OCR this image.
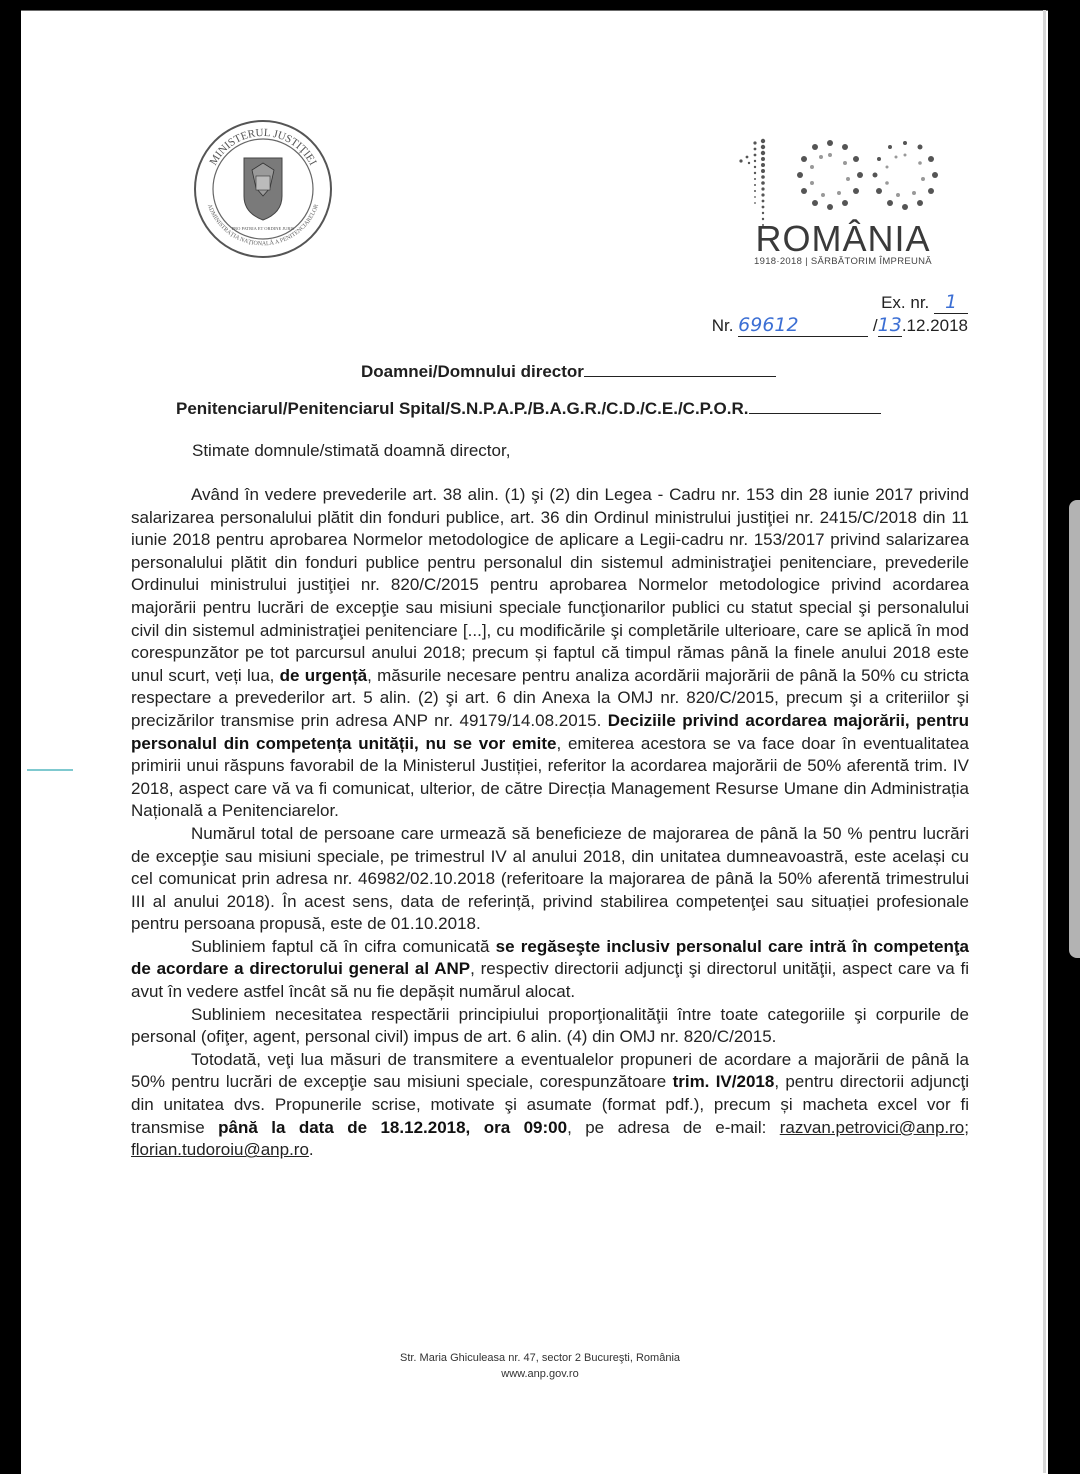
MINISTERUL JUSTIȚIEI
ADMINISTRAȚIA NAȚIONALĂ A PENITENCIARELOR
PRO PATRIA ET ORDINE JURIS	ROMÂNIA
1918·2018 | SĂRBĂTORIM ÎMPREUNĂ
Ex. nr. 1
Nr. 69612	/13.12.2018
Doamnei/Domnului director
Penitenciarul/Penitenciarul Spital/S.N.P.A.P./B.A.G.R./C.D./C.E./C.P.O.R.
Stimate domnule/stimată doamnă director,

Având în vedere prevederile art. 38 alin. (1) şi (2) din Legea - Cadru nr. 153 din 28 iunie 2017 privind salarizarea personalului plătit din fonduri publice, art. 36 din Ordinul ministrului justiţiei nr. 2415/C/2018 din 11 iunie 2018 pentru aprobarea Normelor metodologice de aplicare a Legii-cadru nr. 153/2017 privind salarizarea personalului plătit din fonduri publice pentru personalul din sistemul administraţiei penitenciare, prevederile Ordinului ministrului justiţiei nr. 820/C/2015 pentru aprobarea Normelor metodologice privind acordarea majorării pentru lucrări de excepţie sau misiuni speciale funcţionarilor publici cu statut special şi personalului civil din sistemul administraţiei penitenciare [...], cu modificările şi completările ulterioare, care se aplică în mod corespunzător pe tot parcursul anului 2018; precum și faptul că timpul rămas până la finele anului 2018 este unul scurt, veți lua, de urgență, măsurile necesare pentru analiza acordării majorării de până la 50% cu stricta respectare a prevederilor art. 5 alin. (2) şi art. 6 din Anexa la OMJ nr. 820/C/2015, precum şi a criteriilor şi precizărilor transmise prin adresa ANP nr. 49179/14.08.2015. Deciziile privind acordarea majorării, pentru personalul din competența unității, nu se vor emite, emiterea acestora se va face doar în eventualitatea primirii unui răspuns favorabil de la Ministerul Justiției, referitor la acordarea majorării de 50% aferentă trim. IV 2018, aspect care vă va fi comunicat, ulterior, de către Direcția Management Resurse Umane din Administrația Națională a Penitenciarelor.

Numărul total de persoane care urmează să beneficieze de majorarea de până la 50 % pentru lucrări de excepţie sau misiuni speciale, pe trimestrul IV al anului 2018, din unitatea dumneavoastră, este același cu cel comunicat prin adresa nr. 46982/02.10.2018 (referitoare la majorarea de până la 50% aferentă trimestrului III al anului 2018). În acest sens, data de referință, privind stabilirea competenţei sau situației profesionale pentru persoana propusă, este de 01.10.2018.

Subliniem faptul că în cifra comunicată se regăseşte inclusiv personalul care intră în competenţa de acordare a directorului general al ANP, respectiv directorii adjuncţi şi directorul unităţii, aspect care va fi avut în vedere astfel încât să nu fie depășit numărul alocat.

Subliniem necesitatea respectării principiului proporţionalităţii între toate categoriile şi corpurile de personal (ofiţer, agent, personal civil) impus de art. 6 alin. (4) din OMJ nr. 820/C/2015.

Totodată, veţi lua măsuri de transmitere a eventualelor propuneri de acordare a majorării de până la 50% pentru lucrări de excepţie sau misiuni speciale, corespunzătoare trim. IV/2018, pentru directorii adjuncţi din unitatea dvs. Propunerile scrise, motivate şi asumate (format pdf.), precum și macheta excel vor fi transmise până la data de 18.12.2018, ora 09:00, pe adresa de e-mail: razvan.petrovici@anp.ro; florian.tudoroiu@anp.ro.

Str. Maria Ghiculeasa nr. 47, sector 2 Bucureşti, România
www.anp.gov.ro
